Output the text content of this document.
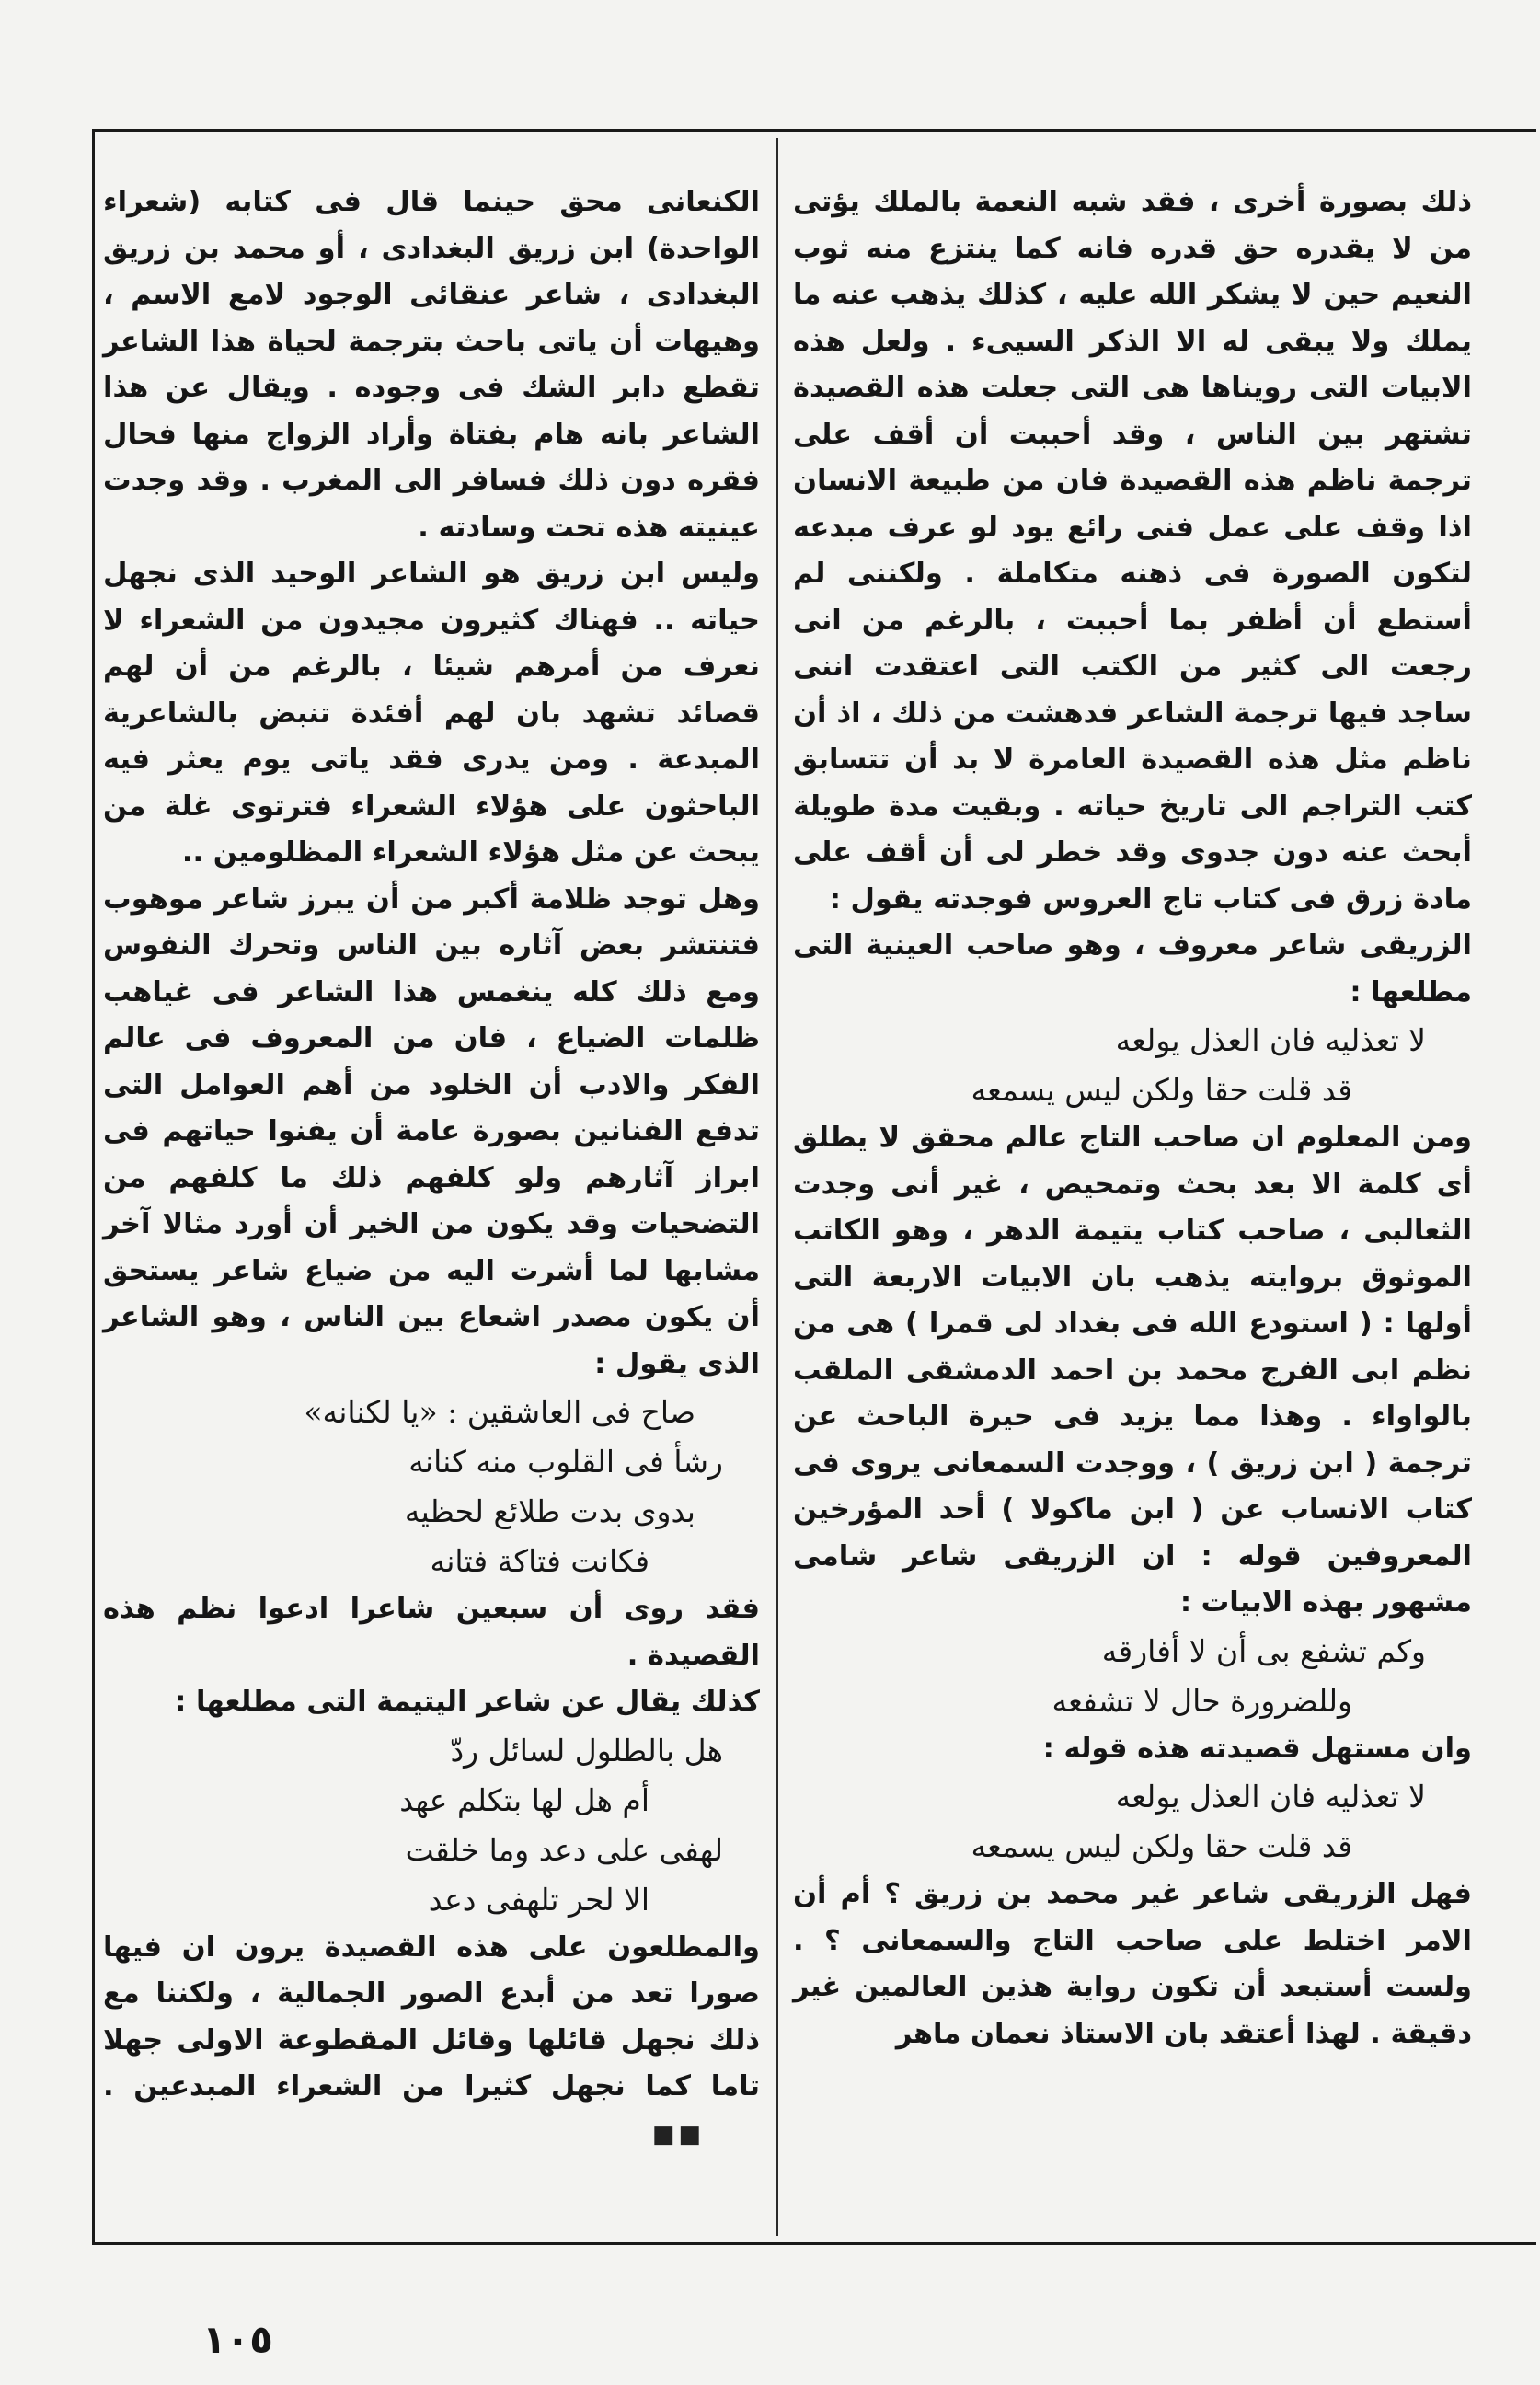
ذلك بصورة أخرى ، فقد شبه النعمة بالملك يؤتى من لا يقدره حق قدره فانه كما ينتزع منه ثوب النعيم حين لا يشكر الله عليه ، كذلك يذهب عنه ما يملك ولا يبقى له الا الذكر السيىء . ولعل هذه الابيات التى رويناها هى التى جعلت هذه القصيدة تشتهر بين الناس ، وقد أحببت أن أقف على ترجمة ناظم هذه القصيدة فان من طبيعة الانسان اذا وقف على عمل فنى رائع يود لو عرف مبدعه لتكون الصورة فى ذهنه متكاملة . ولكننى لم أستطع أن أظفر بما أحببت ، بالرغم من انى رجعت الى كثير من الكتب التى اعتقدت اننى ساجد فيها ترجمة الشاعر فدهشت من ذلك ، اذ أن ناظم مثل هذه القصيدة العامرة لا بد أن تتسابق كتب التراجم الى تاريخ حياته . وبقيت مدة طويلة أبحث عنه دون جدوى وقد خطر لى أن أقف على مادة زرق فى كتاب تاج العروس فوجدته يقول :

الزريقى شاعر معروف ، وهو صاحب العينية التى مطلعها :

لا تعذليه فان العذل يولعه

قد قلت حقا ولكن ليس يسمعه

ومن المعلوم ان صاحب التاج عالم محقق لا يطلق أى كلمة الا بعد بحث وتمحيص ، غير أنى وجدت الثعالبى ، صاحب كتاب يتيمة الدهر ، وهو الكاتب الموثوق بروايته يذهب بان الابيات الاربعة التى أولها : ( استودع الله فى بغداد لى قمرا ) هى من نظم ابى الفرج محمد بن احمد الدمشقى الملقب بالواواء . وهذا مما يزيد فى حيرة الباحث عن ترجمة ( ابن زريق ) ، ووجدت السمعانى يروى فى كتاب الانساب عن ( ابن ماكولا ) أحد المؤرخين المعروفين قوله : ان الزريقى شاعر شامى مشهور بهذه الابيات :

وكم تشفع بى أن لا أفارقه

وللضرورة حال لا تشفعه

وان مستهل قصيدته هذه قوله :

لا تعذليه فان العذل يولعه

قد قلت حقا ولكن ليس يسمعه

فهل الزريقى شاعر غير محمد بن زريق ؟ أم أن الامر اختلط على صاحب التاج والسمعانى ؟ . ولست أستبعد أن تكون رواية هذين العالمين غير دقيقة . لهذا أعتقد بان الاستاذ نعمان ماهر

الكنعانى محق حينما قال فى كتابه (شعراء الواحدة) ابن زريق البغدادى ، أو محمد بن زريق البغدادى ، شاعر عنقائى الوجود لامع الاسم ، وهيهات أن ياتى باحث بترجمة لحياة هذا الشاعر تقطع دابر الشك فى وجوده . ويقال عن هذا الشاعر بانه هام بفتاة وأراد الزواج منها فحال فقره دون ذلك فسافر الى المغرب . وقد وجدت عينيته هذه تحت وسادته .

وليس ابن زريق هو الشاعر الوحيد الذى نجهل حياته .. فهناك كثيرون مجيدون من الشعراء لا نعرف من أمرهم شيئا ، بالرغم من أن لهم قصائد تشهد بان لهم أفئدة تنبض بالشاعرية المبدعة . ومن يدرى فقد ياتى يوم يعثر فيه الباحثون على هؤلاء الشعراء فترتوى غلة من يبحث عن مثل هؤلاء الشعراء المظلومين ..

وهل توجد ظلامة أكبر من أن يبرز شاعر موهوب فتنتشر بعض آثاره بين الناس وتحرك النفوس ومع ذلك كله ينغمس هذا الشاعر فى غياهب ظلمات الضياع ، فان من المعروف فى عالم الفكر والادب أن الخلود من أهم العوامل التى تدفع الفنانين بصورة عامة أن يفنوا حياتهم فى ابراز آثارهم ولو كلفهم ذلك ما كلفهم من التضحيات وقد يكون من الخير أن أورد مثالا آخر مشابها لما أشرت اليه من ضياع شاعر يستحق أن يكون مصدر اشعاع بين الناس ، وهو الشاعر الذى يقول :

صاح فى العاشقين : «يا لكنانه»

رشأ فى القلوب منه كنانه

بدوى بدت طلائع لحظيه

فكانت فتاكة فتانه

فقد روى أن سبعين شاعرا ادعوا نظم هذه القصيدة .

كذلك يقال عن شاعر اليتيمة التى مطلعها :

هل بالطلول لسائل ردّ

أم هل لها بتكلم عهد

لهفى على دعد وما خلقت

الا لحر تلهفى دعد

والمطلعون على هذه القصيدة يرون ان فيها صورا تعد من أبدع الصور الجمالية ، ولكننا مع ذلك نجهل قائلها وقائل المقطوعة الاولى جهلا تاما كما نجهل كثيرا من الشعراء المبدعين .■■

١٠٥
